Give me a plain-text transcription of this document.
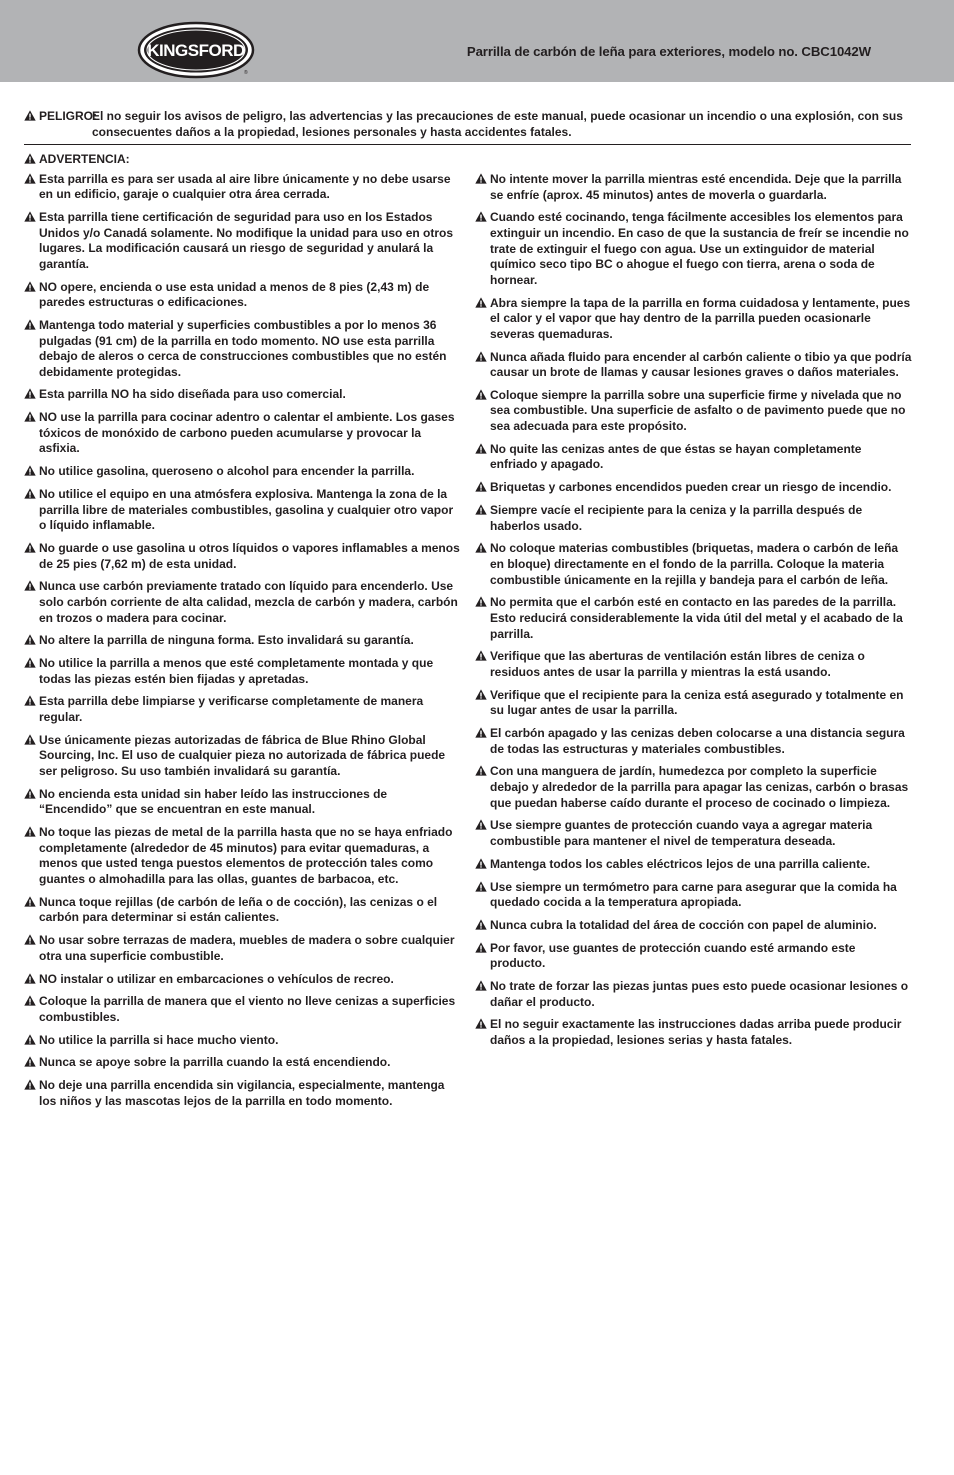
KINGSFORD
®
Parrilla de carbón de leña para exteriores, modelo no. CBC1042W
PELIGRO:
El no seguir los avisos de peligro, las advertencias y las precauciones de este manual, puede ocasionar un incendio o una explosión, con sus consecuentes daños a la propiedad, lesiones personales y hasta accidentes fatales.
ADVERTENCIA:
Esta parrilla es para ser usada al aire libre únicamente y no debe usarse en un edificio, garaje o cualquier otra área cerrada.
Esta parrilla tiene certificación de seguridad para uso en los Estados Unidos y/o Canadá solamente. No modifique la unidad para uso en otros lugares. La modificación causará un riesgo de seguridad y anulará la garantía.
NO opere, encienda o use esta unidad a menos de 8 pies (2,43 m) de paredes estructuras o edificaciones.
Mantenga todo material y superficies combustibles a por lo menos 36 pulgadas (91 cm) de la parrilla en todo momento. NO use esta parrilla debajo de aleros o cerca de construcciones combustibles que no estén debidamente protegidas.
Esta parrilla NO ha sido diseñada para uso comercial.
NO use la parrilla para cocinar adentro o calentar el ambiente. Los gases tóxicos de monóxido de carbono pueden acumularse y provocar la asfixia.
No utilice gasolina, queroseno o alcohol para encender la parrilla.
No utilice el equipo en una atmósfera explosiva. Mantenga la zona de la parrilla libre de materiales combustibles, gasolina y cualquier otro vapor o líquido inflamable.
No guarde o use gasolina u otros líquidos o vapores inflamables a menos de 25 pies (7,62 m) de esta unidad.
Nunca use carbón previamente tratado con líquido para encenderlo. Use solo carbón corriente de alta calidad, mezcla de carbón y madera, carbón en trozos o madera para cocinar.
No altere la parrilla de ninguna forma. Esto invalidará su garantía.
No utilice la parrilla a menos que esté completamente montada y que todas las piezas estén bien fijadas y apretadas.
Esta parrilla debe limpiarse y verificarse completamente de manera regular.
Use únicamente piezas autorizadas de fábrica de Blue Rhino Global Sourcing, Inc. El uso de cualquier pieza no autorizada de fábrica puede ser peligroso. Su uso también invalidará su garantía.
No encienda esta unidad sin haber leído las instrucciones de “Encendido” que se encuentran en este manual.
No toque las piezas de metal de la parrilla hasta que no se haya enfriado completamente (alrededor de 45 minutos) para evitar quemaduras, a menos que usted tenga puestos elementos de protección tales como guantes o almohadilla para las ollas, guantes de barbacoa, etc.
Nunca toque rejillas (de carbón de leña o de cocción), las cenizas o el carbón para determinar si están calientes.
No usar sobre terrazas de madera, muebles de madera o sobre cualquier otra una superficie combustible.
NO instalar o utilizar en embarcaciones o vehículos de recreo.
Coloque la parrilla de manera que el viento no lleve cenizas a superficies combustibles.
No utilice la parrilla si hace mucho viento.
Nunca se apoye sobre la parrilla cuando la está encendiendo.
No deje una parrilla encendida sin vigilancia, especialmente, mantenga los niños y las mascotas lejos de la parrilla en todo momento.
No intente mover la parrilla mientras esté encendida. Deje que la parrilla se enfríe (aprox. 45 minutos) antes de moverla o guardarla.
Cuando esté cocinando, tenga fácilmente accesibles los elementos para extinguir un incendio. En caso de que la sustancia de freír se incendie no trate de extinguir el fuego con agua. Use un extinguidor de material químico seco tipo BC o ahogue el fuego con tierra, arena o soda de hornear.
Abra siempre la tapa de la parrilla en forma cuidadosa y lentamente, pues el calor y el vapor que hay dentro de la parrilla pueden ocasionarle severas quemaduras.
Nunca añada fluido para encender al carbón caliente o tibio ya que podría causar un brote de llamas y causar lesiones graves o daños materiales.
Coloque siempre la parrilla sobre una superficie firme y nivelada que no sea combustible. Una superficie de asfalto o de pavimento puede que no sea adecuada para este propósito.
No quite las cenizas antes de que éstas se hayan completamente enfriado y apagado.
Briquetas y carbones encendidos pueden crear un riesgo de incendio.
Siempre vacíe el recipiente para la ceniza y la parrilla después de haberlos usado.
No coloque materias combustibles (briquetas, madera o carbón de leña en bloque) directamente en el fondo de la parrilla. Coloque la materia combustible únicamente en la rejilla y bandeja para el carbón de leña.
No permita que el carbón esté en contacto en las paredes de la parrilla. Esto reducirá considerablemente la vida útil del metal y el acabado de la parrilla.
Verifique que las aberturas de ventilación están libres de ceniza o residuos antes de usar la parrilla y mientras la está usando.
Verifique que el recipiente para la ceniza está asegurado y totalmente en su lugar antes de usar la parrilla.
El carbón apagado y las cenizas deben colocarse a una distancia segura de todas las estructuras y materiales combustibles.
Con una manguera de jardín, humedezca por completo la superficie debajo y alrededor de la parrilla para apagar las cenizas, carbón o brasas que puedan haberse caído durante el proceso de cocinado o limpieza.
Use siempre guantes de protección cuando vaya a agregar materia combustible para mantener el nivel de temperatura deseada.
Mantenga todos los cables eléctricos lejos de una parrilla caliente.
Use siempre un termómetro para carne para asegurar que la comida ha quedado cocida a la temperatura apropiada.
Nunca cubra la totalidad del área de cocción con papel de aluminio.
Por favor, use guantes de protección cuando esté armando este producto.
No trate de forzar las piezas juntas pues esto puede ocasionar lesiones o dañar el producto.
El no seguir exactamente las instrucciones dadas arriba puede producir daños a la propiedad, lesiones serias y hasta fatales.
